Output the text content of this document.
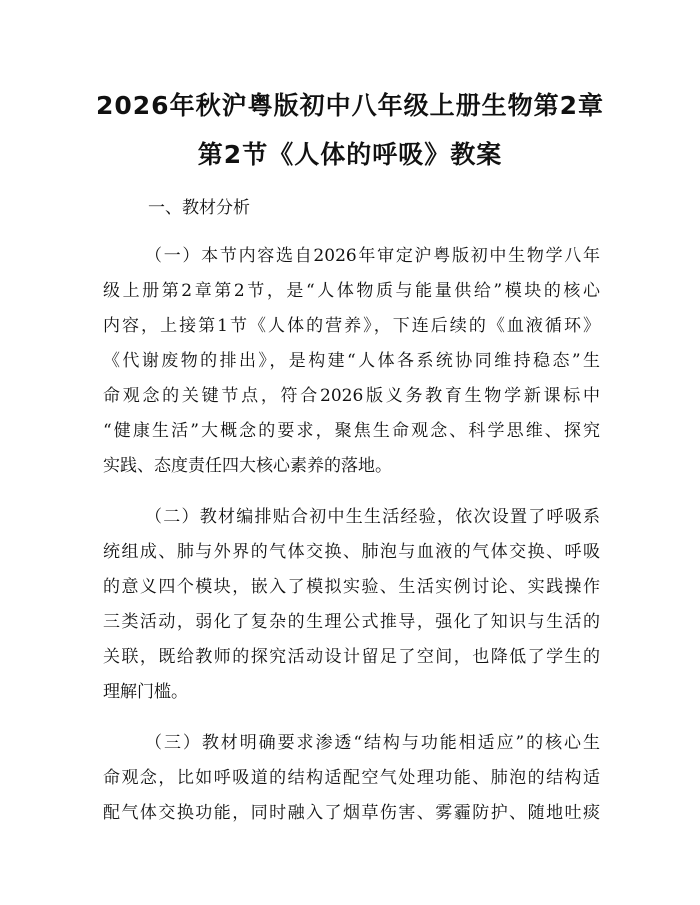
2026年秋沪粤版初中八年级上册生物第2章
第2节《人体的呼吸》教案
一、教材分析
（一）本节内容选自2026年审定沪粤版初中生物学八年
级上册第2章第2节，是“人体物质与能量供给”模块的核心
内容，上接第1节《人体的营养》，下连后续的《血液循环》
《代谢废物的排出》，是构建“人体各系统协同维持稳态”生
命观念的关键节点，符合2026版义务教育生物学新课标中
“健康生活”大概念的要求，聚焦生命观念、科学思维、探究
实践、态度责任四大核心素养的落地。
（二）教材编排贴合初中生生活经验，依次设置了呼吸系
统组成、肺与外界的气体交换、肺泡与血液的气体交换、呼吸
的意义四个模块，嵌入了模拟实验、生活实例讨论、实践操作
三类活动，弱化了复杂的生理公式推导，强化了知识与生活的
关联，既给教师的探究活动设计留足了空间，也降低了学生的
理解门槛。
（三）教材明确要求渗透“结构与功能相适应”的核心生
命观念，比如呼吸道的结构适配空气处理功能、肺泡的结构适
配气体交换功能，同时融入了烟草伤害、雾霾防护、随地吐痰
